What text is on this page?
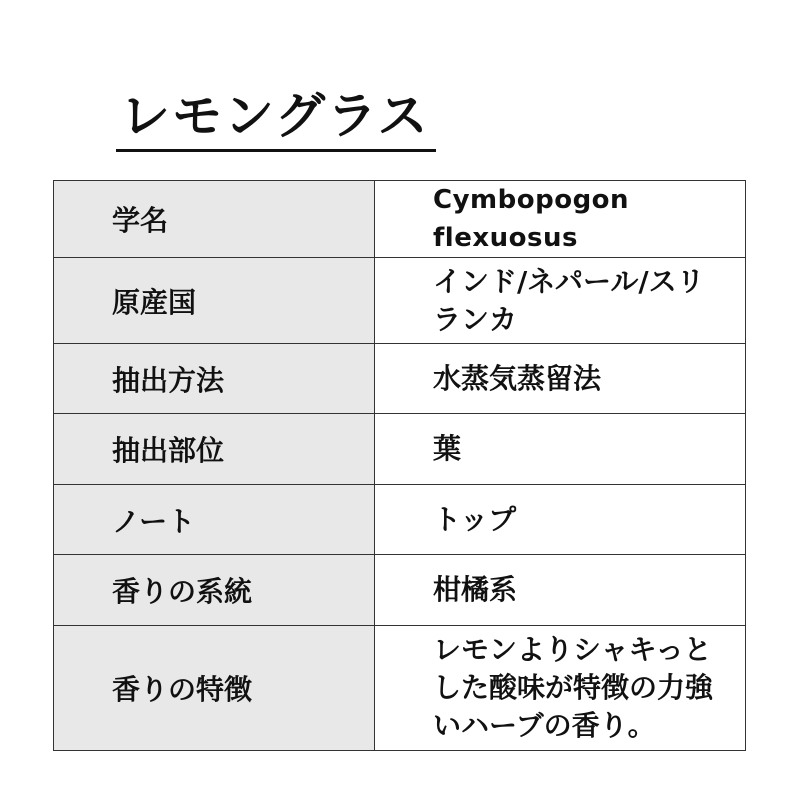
レモングラス
学名	Cymbopogon flexuosus

原産国	インド/ネパール/スリランカ

抽出方法	水蒸気蒸留法

抽出部位	葉

ノート	トップ

香りの系統	柑橘系

香りの特徴	レモンよりシャキっとした酸味が特徴の力強いハーブの香り。
